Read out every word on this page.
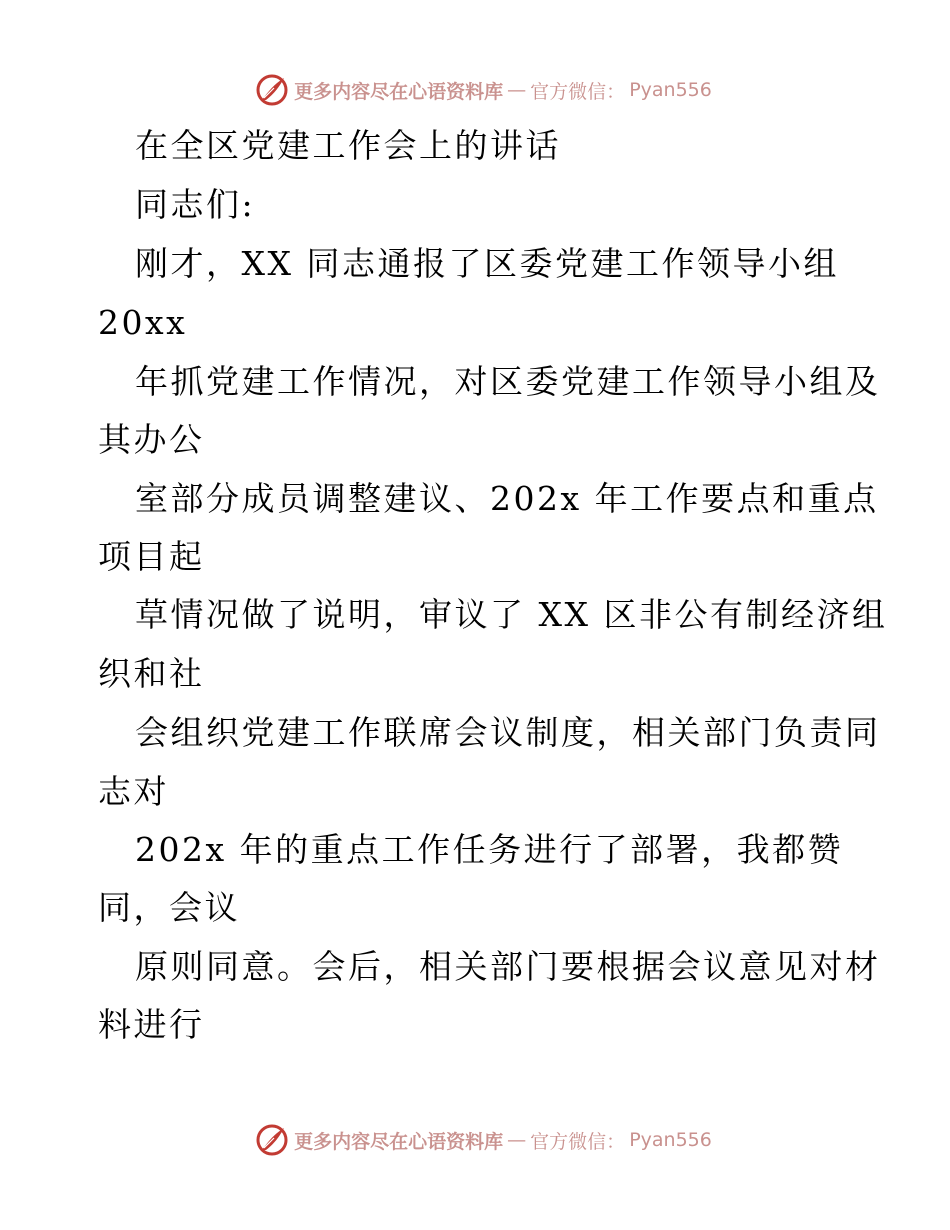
更多内容尽在心语资料库 — 官方微信： Pyan556
在全区党建工作会上的讲话
同志们:
刚才，XX 同志通报了区委党建工作领导小组
20xx
年抓党建工作情况，对区委党建工作领导小组及
其办公
室部分成员调整建议、202x 年工作要点和重点
项目起
草情况做了说明，审议了 XX 区非公有制经济组
织和社
会组织党建工作联席会议制度，相关部门负责同
志对
202x 年的重点工作任务进行了部署，我都赞
同，会议
原则同意。会后，相关部门要根据会议意见对材
料进行
更多内容尽在心语资料库 — 官方微信： Pyan556
